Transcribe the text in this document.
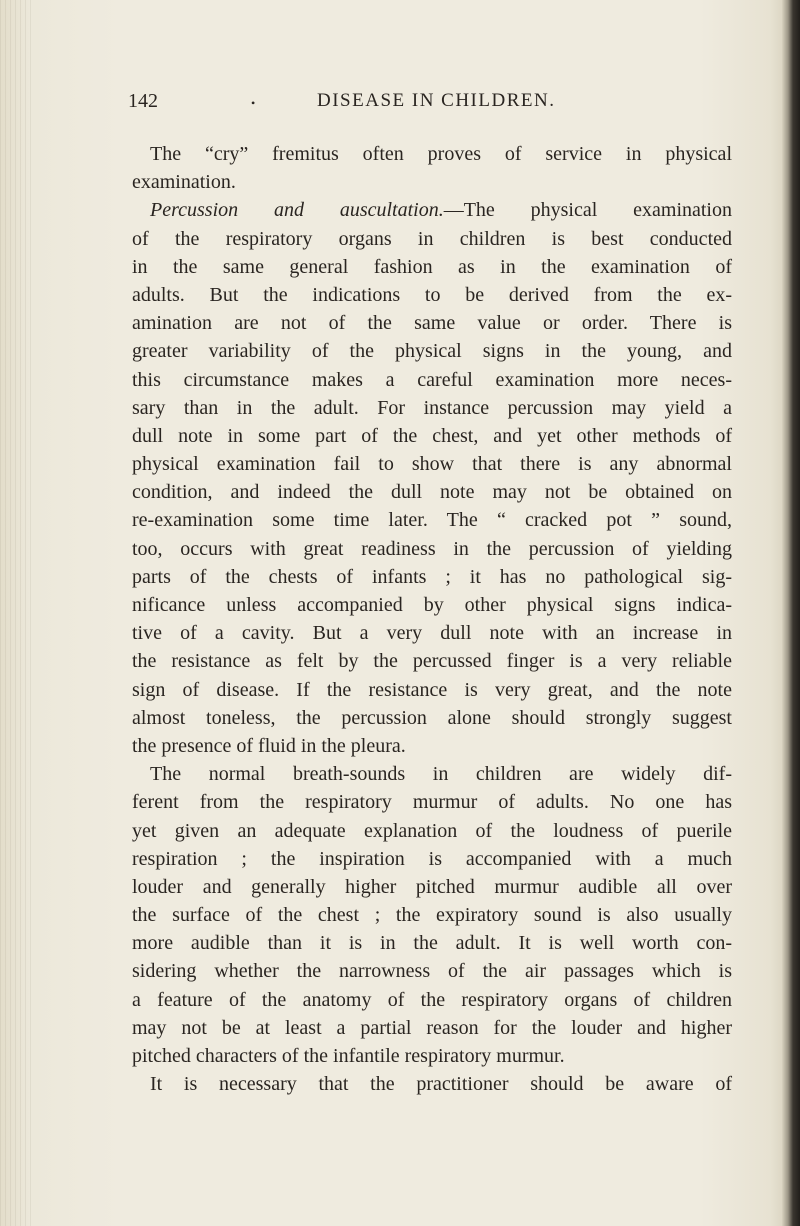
142	•	DISEASE IN CHILDREN.
The “cry” fremitus often proves of service in physical
examination.
Percussion and auscultation.—The physical examination
of the respiratory organs in children is best conducted
in the same general fashion as in the examination of
adults. But the indications to be derived from the ex-
amination are not of the same value or order. There is
greater variability of the physical signs in the young, and
this circumstance makes a careful examination more neces-
sary than in the adult. For instance percussion may yield a
dull note in some part of the chest, and yet other methods of
physical examination fail to show that there is any abnormal
condition, and indeed the dull note may not be obtained on
re-examination some time later. The “ cracked pot ” sound,
too, occurs with great readiness in the percussion of yielding
parts of the chests of infants ; it has no pathological sig-
nificance unless accompanied by other physical signs indica-
tive of a cavity. But a very dull note with an increase in
the resistance as felt by the percussed finger is a very reliable
sign of disease. If the resistance is very great, and the note
almost toneless, the percussion alone should strongly suggest
the presence of fluid in the pleura.
The normal breath-sounds in children are widely dif-
ferent from the respiratory murmur of adults. No one has
yet given an adequate explanation of the loudness of puerile
respiration ; the inspiration is accompanied with a much
louder and generally higher pitched murmur audible all over
the surface of the chest ; the expiratory sound is also usually
more audible than it is in the adult. It is well worth con-
sidering whether the narrowness of the air passages which is
a feature of the anatomy of the respiratory organs of children
may not be at least a partial reason for the louder and higher
pitched characters of the infantile respiratory murmur.
It is necessary that the practitioner should be aware of
